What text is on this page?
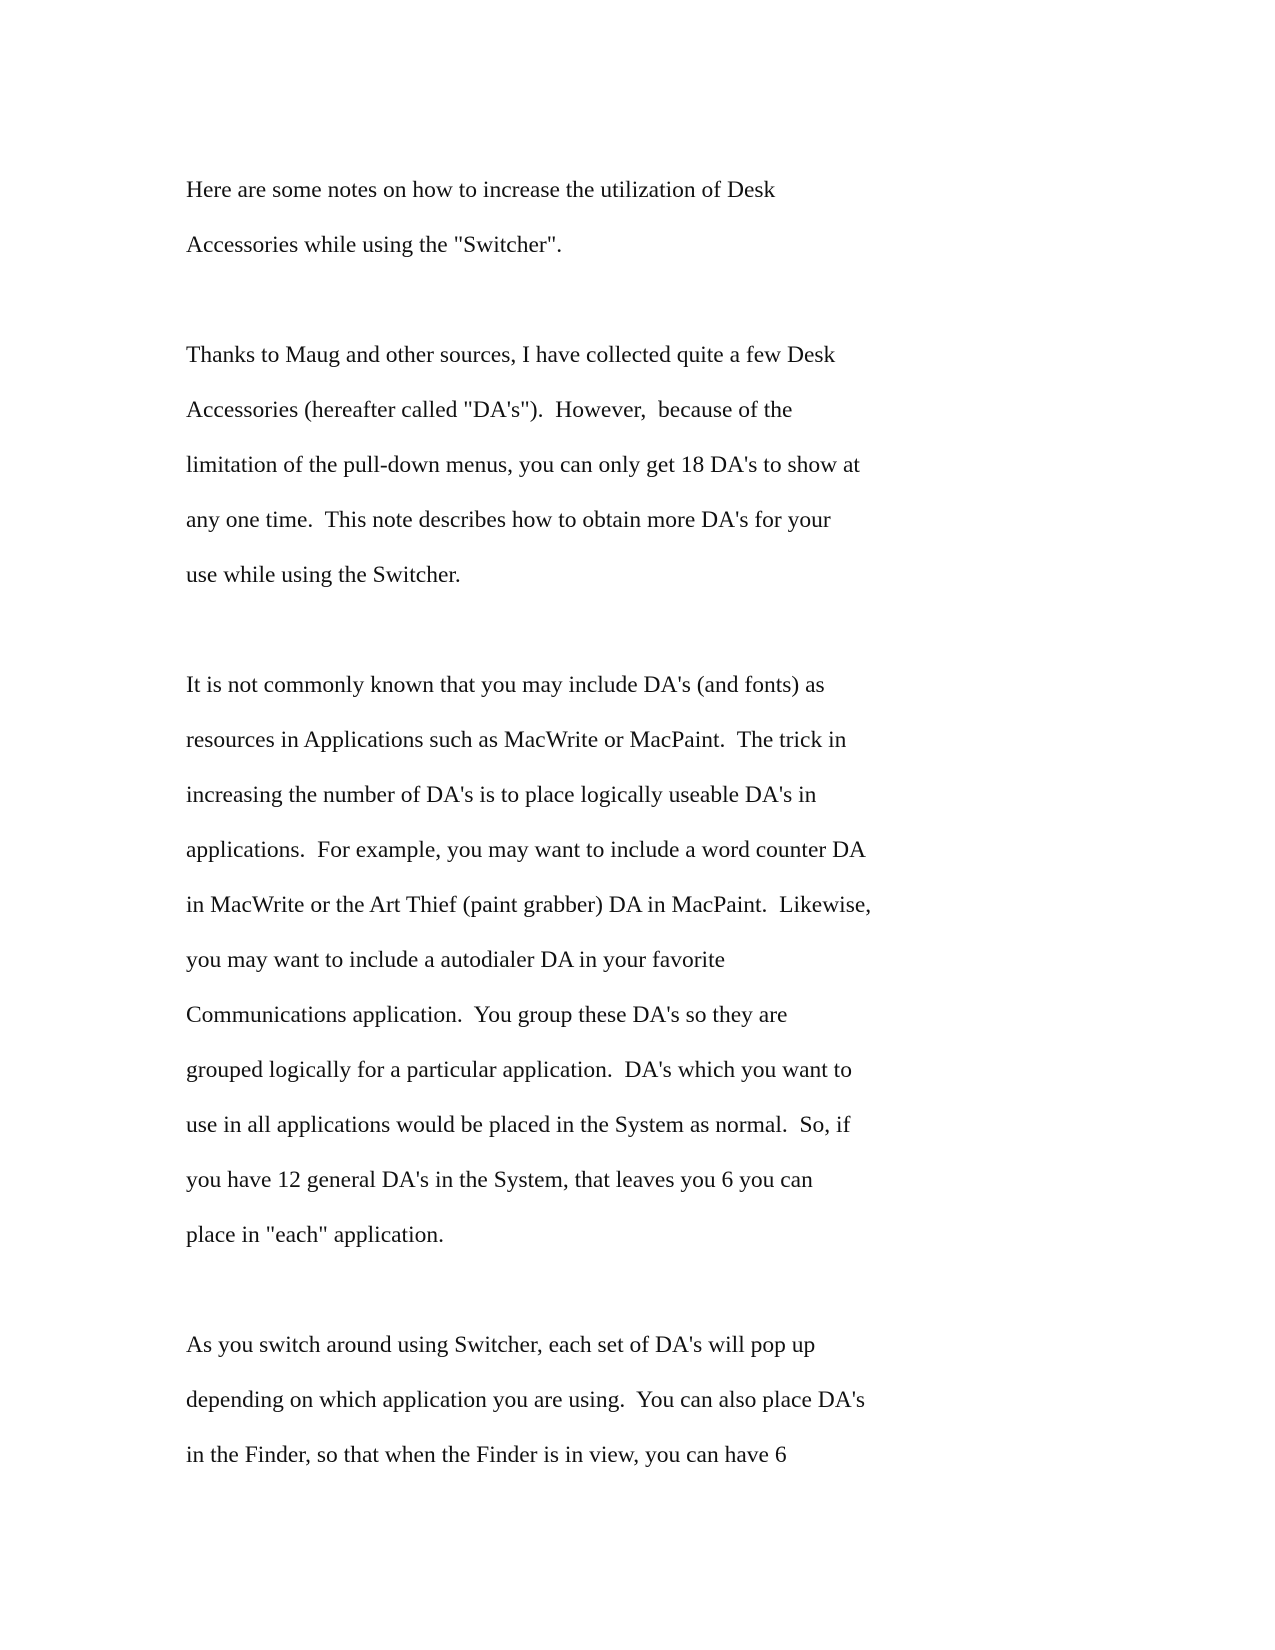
Here are some notes on how to increase the utilization of Desk
Accessories while using the "Switcher".
Thanks to Maug and other sources, I have collected quite a few Desk
Accessories (hereafter called "DA's").  However,  because of the
limitation of the pull-down menus, you can only get 18 DA's to show at
any one time.  This note describes how to obtain more DA's for your
use while using the Switcher.
It is not commonly known that you may include DA's (and fonts) as
resources in Applications such as MacWrite or MacPaint.  The trick in
increasing the number of DA's is to place logically useable DA's in
applications.  For example, you may want to include a word counter DA
in MacWrite or the Art Thief (paint grabber) DA in MacPaint.  Likewise,
you may want to include a autodialer DA in your favorite
Communications application.  You group these DA's so they are
grouped logically for a particular application.  DA's which you want to
use in all applications would be placed in the System as normal.  So, if
you have 12 general DA's in the System, that leaves you 6 you can
place in "each" application.
As you switch around using Switcher, each set of DA's will pop up
depending on which application you are using.  You can also place DA's
in the Finder, so that when the Finder is in view, you can have 6
